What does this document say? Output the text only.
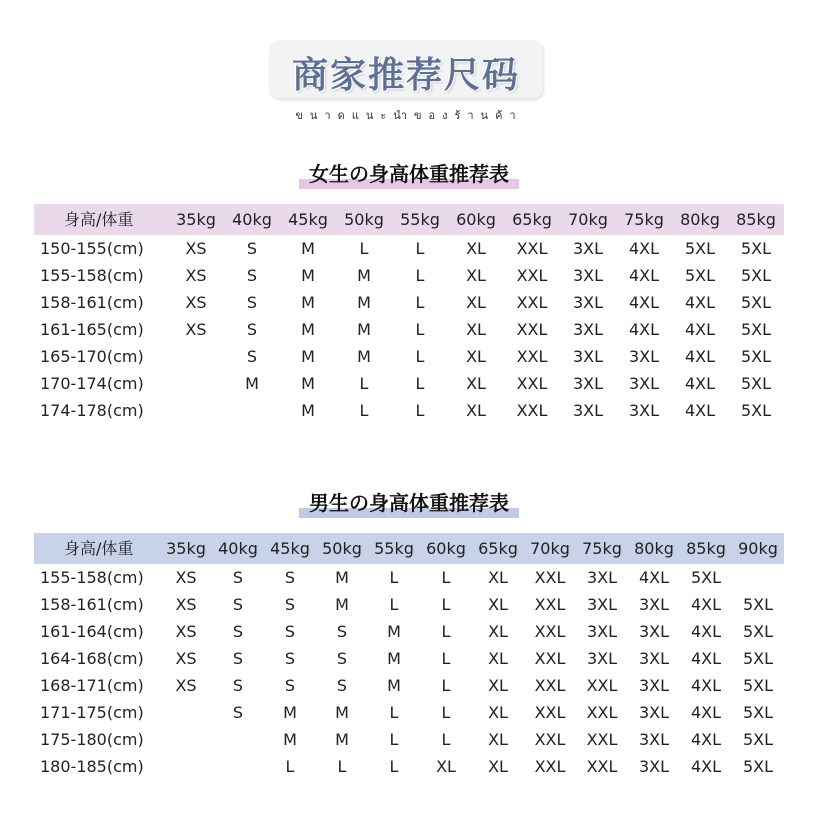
商家推荐尺码
ขนาดแนะนำของร้านค้า
女生の身高体重推荐表
身高/体重	35kg	40kg	45kg	50kg	55kg	60kg	65kg	70kg	75kg	80kg	85kg
150-155(cm)	XS	S	M	L	L	XL	XXL	3XL	4XL	5XL	5XL
155-158(cm)	XS	S	M	M	L	XL	XXL	3XL	4XL	5XL	5XL
158-161(cm)	XS	S	M	M	L	XL	XXL	3XL	4XL	4XL	5XL
161-165(cm)	XS	S	M	M	L	XL	XXL	3XL	4XL	4XL	5XL
165-170(cm)		S	M	M	L	XL	XXL	3XL	3XL	4XL	5XL
170-174(cm)		M	M	L	L	XL	XXL	3XL	3XL	4XL	5XL
174-178(cm)			M	L	L	XL	XXL	3XL	3XL	4XL	5XL
男生の身高体重推荐表
身高/体重	35kg	40kg	45kg	50kg	55kg	60kg	65kg	70kg	75kg	80kg	85kg	90kg
155-158(cm)	XS	S	S	M	L	L	XL	XXL	3XL	4XL	5XL	
158-161(cm)	XS	S	S	M	L	L	XL	XXL	3XL	3XL	4XL	5XL
161-164(cm)	XS	S	S	S	M	L	XL	XXL	3XL	3XL	4XL	5XL
164-168(cm)	XS	S	S	S	M	L	XL	XXL	3XL	3XL	4XL	5XL
168-171(cm)	XS	S	S	S	M	L	XL	XXL	XXL	3XL	4XL	5XL
171-175(cm)		S	M	M	L	L	XL	XXL	XXL	3XL	4XL	5XL
175-180(cm)			M	M	L	L	XL	XXL	XXL	3XL	4XL	5XL
180-185(cm)			L	L	L	XL	XL	XXL	XXL	3XL	4XL	5XL
